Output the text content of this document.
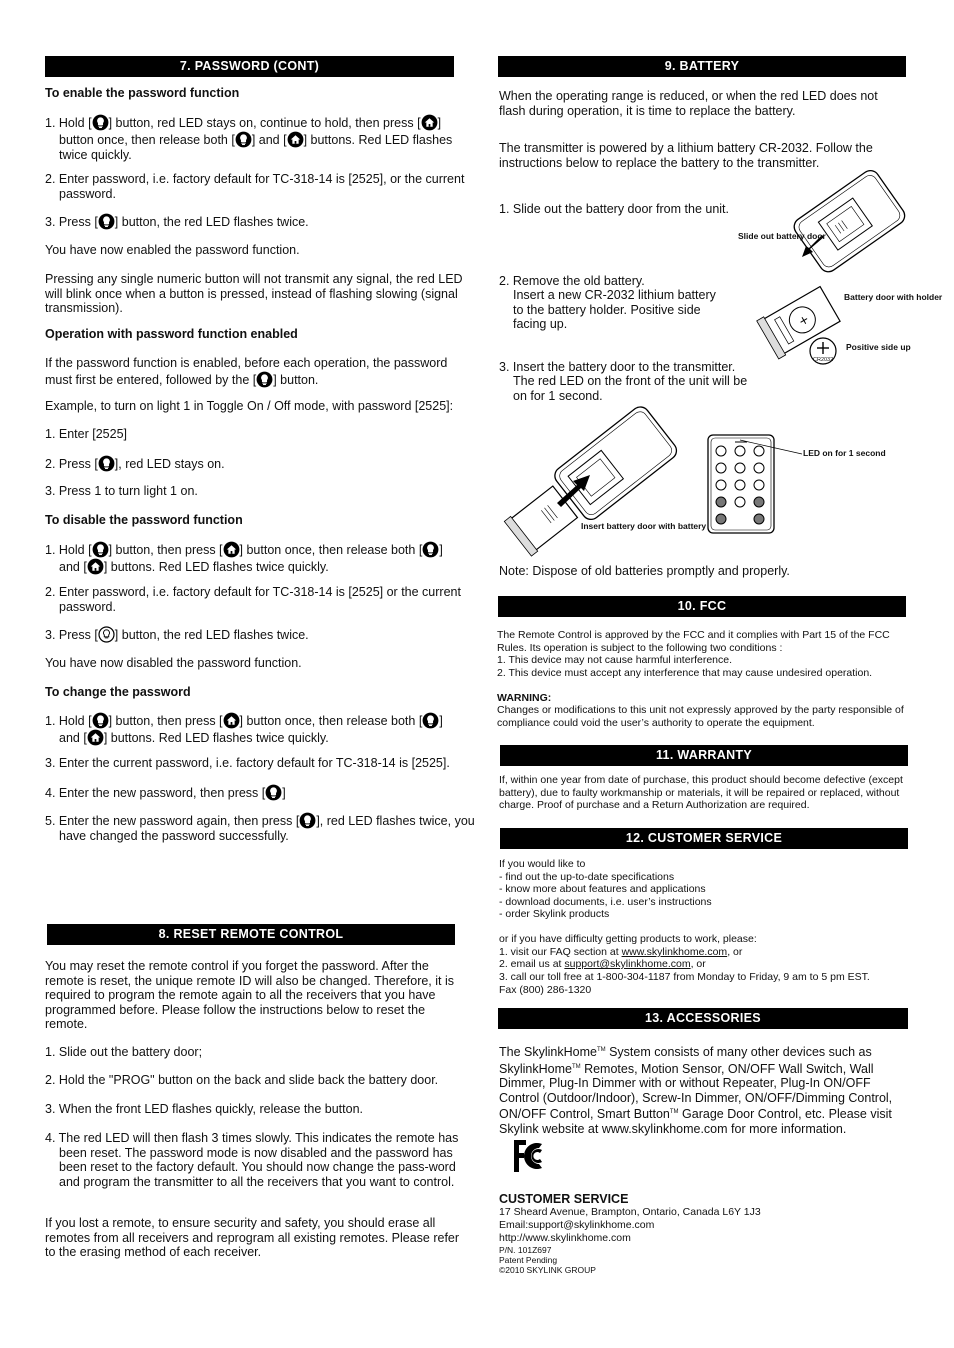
7. PASSWORD (CONT)
To enable the password function
1. Hold [ ] button, red LED stays on, continue to hold, then press [ ]
button once, then release both [ ] and [ ] buttons. Red LED flashes
twice quickly.
2. Enter password, i.e. factory default for TC-318-14 is [2525], or the current password.
3. Press [ ] button, the red LED flashes twice.
You have now enabled the password function.
Pressing any single numeric button will not transmit any signal, the red LED will blink once when a button is pressed, instead of flashing slowing (signal transmission).
Operation with password function enabled
If the password function is enabled, before each operation, the password must first be entered, followed by the [ ] button.
Example, to turn on light 1 in Toggle On / Off mode, with password [2525]:
1. Enter [2525]
2. Press [ ], red LED stays on.
3. Press 1 to turn light 1 on.
To disable the password function
1. Hold [ ] button, then press [ ] button once, then release both [ ]
and [ ] buttons. Red LED flashes twice quickly.
2. Enter password, i.e. factory default for TC-318-14 is [2525] or the current password.
3. Press [ ] button, the red LED flashes twice.
You have now disabled the password function.
To change the password
1. Hold [ ] button, then press [ ] button once, then release both [ ]
and [ ] buttons. Red LED flashes twice quickly.
3. Enter the current password, i.e. factory default for TC-318-14 is [2525].
4. Enter the new password, then press [ ]
5. Enter the new password again, then press [ ], red LED flashes twice, you have changed the password successfully.
8. RESET REMOTE CONTROL
You may reset the remote control if you forget the password. After the remote is reset, the unique remote ID will also be changed. Therefore, it is required to program the remote again to all the receivers that you have programmed before. Please follow the instructions below to reset the remote.
1. Slide out the battery door;
2. Hold the "PROG" button on the back and slide back the battery door.
3. When the front LED flashes quickly, release the button.
4. The red LED will then flash 3 times slowly. This indicates the remote has been reset. The password mode is now disabled and the password has been reset to the factory default. You should now change the pass-word and program the transmitter to all the receivers that you want to control.
If you lost a remote, to ensure security and safety, you should erase all remotes from all receivers and reprogram all existing remotes. Please refer to the erasing method of each receiver.
9. BATTERY
When the operating range is reduced, or when the red LED does not flash during operation, it is time to replace the battery.
The transmitter is powered by a lithium battery CR-2032. Follow the instructions below to replace the battery to the transmitter.
1. Slide out the battery door from the unit.
Slide out battery door
2. Remove the old battery.
Insert a new CR-2032 lithium battery to the battery holder. Positive side facing up.	+
Battery door with holder
CR2032
Positive side up
3. Insert the battery door to the transmitter.
The red LED on the front of the unit will be on for 1 second.
Insert battery door with battery
LED on for 1 second
Note: Dispose of old batteries promptly and properly.
10. FCC
The Remote Control is approved by the FCC and it complies with Part 15 of the FCC Rules. Its operation is subject to the following two conditions :
1. This device may not cause harmful interference.
2. This device must accept any interference that may cause undesired operation.
WARNING:
Changes or modifications to this unit not expressly approved by the party responsible of compliance could void the user’s authority to operate the equipment.
11. WARRANTY
If, within one year from date of purchase, this product should become defective (except battery), due to faulty workmanship or materials, it will be repaired or replaced, without charge. Proof of purchase and a Return Authorization are required.
12. CUSTOMER SERVICE
If you would like to
- find out the up-to-date specifications
- know more about features and applications
- download documents, i.e. user’s instructions
- order Skylink products
or if you have difficulty getting products to work, please:
1. visit our FAQ section at www.skylinkhome.com, or
2. email us at support@skylinkhome.com, or
3. call our toll free at 1-800-304-1187 from Monday to Friday, 9 am to 5 pm EST.
Fax (800) 286-1320
13. ACCESSORIES
The SkylinkHome™ System consists of many other devices such as SkylinkHome™ Remotes, Motion Sensor, ON/OFF Wall Switch, Wall Dimmer, Plug-In Dimmer with or without Repeater, Plug-In ON/OFF Control (Outdoor/Indoor), Screw-In Dimmer, ON/OFF/Dimming Control, ON/OFF Control, Smart Button™ Garage Door Control, etc. Please visit Skylink website at www.skylinkhome.com for more information.
CUSTOMER SERVICE
17 Sheard Avenue, Brampton, Ontario, Canada L6Y 1J3
Email:support@skylinkhome.com
http://www.skylinkhome.com
P/N. 101Z697
Patent Pending
©2010 SKYLINK GROUP
